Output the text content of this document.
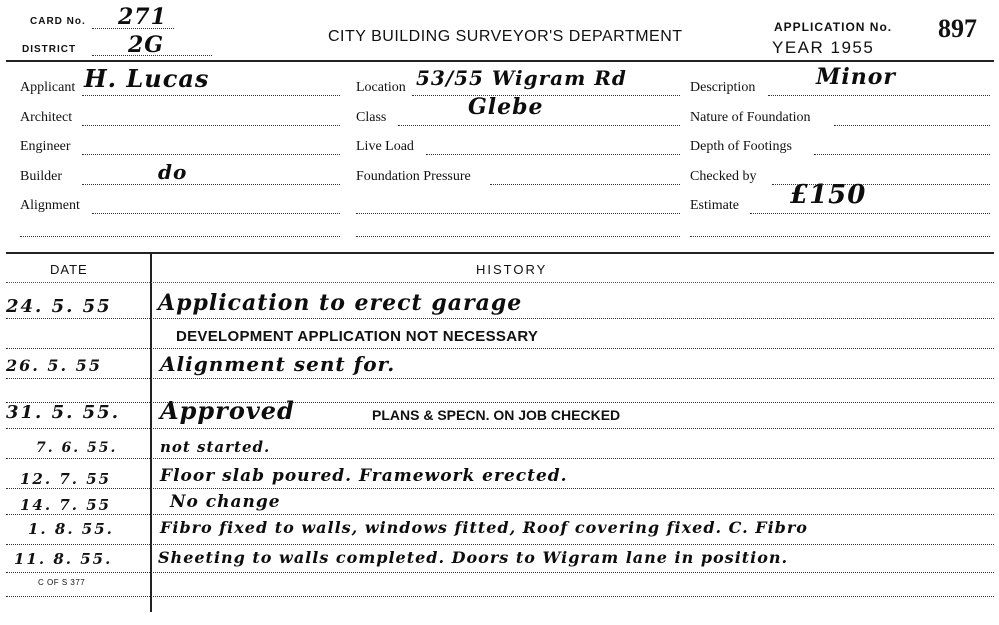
CARD No. 271
DISTRICT 2G	CITY BUILDING SURVEYOR'S DEPARTMENT
APPLICATION No. 897
YEAR 1955
Applicant H. Lucas
Architect
Engineer
Builder	do
Alignment
Location 53/55 Wigram Rd
Class	Glebe
Live Load
Foundation Pressure
Description	Minor
Nature of Foundation
Depth of Footings
Checked by
Estimate £150
DATE	HISTORY
24. 5. 55 Application to erect garage
DEVELOPMENT APPLICATION NOT NECESSARY
26. 5. 55	Alignment sent for.
31. 5. 55. Approved	PLANS & SPECN. ON JOB CHECKED
7. 6. 55.	not started.
12. 7. 55	Floor slab poured. Framework erected.
14. 7. 55	No change
1. 8. 55.	Fibro fixed to walls, windows fitted, Roof covering fixed. C. Fibro
11. 8. 55.	Sheeting to walls completed. Doors to Wigram lane in position.
C OF S 377
